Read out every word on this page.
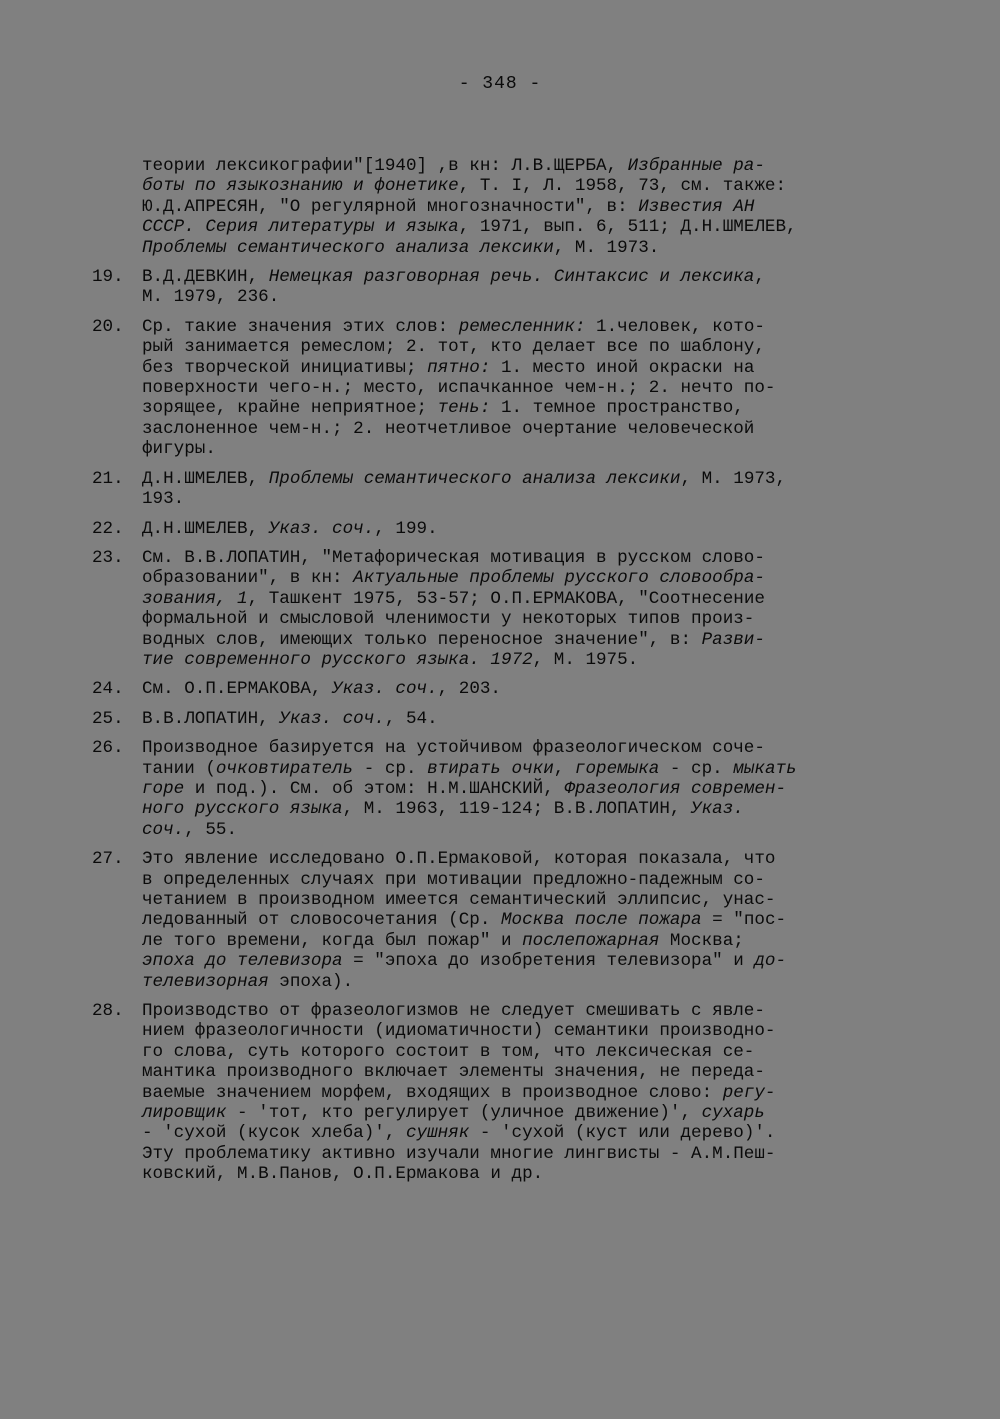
- 348 -
теории лексикографии"[1940] ,в кн: Л.В.ЩЕРБА, Избранные ра-
боты по языкознанию и фонетике, Т. I, Л. 1958, 73, см. также:
Ю.Д.АПРЕСЯН, "О регулярной многозначности", в: Известия АН
СССР. Серия литературы и языка, 1971, вып. 6, 511; Д.Н.ШМЕЛЕВ,
Проблемы семантического анализа лексики, М. 1973.
19.	В.Д.ДЕВКИН, Немецкая разговорная речь. Синтаксис и лексика,
М. 1979, 236.
20.	Ср. такие значения этих слов: ремесленник: 1.человек, кото-
рый занимается ремеслом; 2. тот, кто делает все по шаблону,
без творческой инициативы; пятно: 1. место иной окраски на
поверхности чего-н.; место, испачканное чем-н.; 2. нечто по-
зорящее, крайне неприятное; тень: 1. темное пространство,
заслоненное чем-н.; 2. неотчетливое очертание человеческой
фигуры.
21.	Д.Н.ШМЕЛЕВ, Проблемы семантического анализа лексики, М. 1973,
193.
22.	Д.Н.ШМЕЛЕВ, Указ. соч., 199.
23.	См. В.В.ЛОПАТИН, "Метафорическая мотивация в русском слово-
образовании", в кн: Актуальные проблемы русского словообра-
зования, 1, Ташкент 1975, 53-57; О.П.ЕРМАКОВА, "Соотнесение
формальной и смысловой членимости у некоторых типов произ-
водных слов, имеющих только переносное значение", в: Разви-
тие современного русского языка. 1972, М. 1975.
24.	См. О.П.ЕРМАКОВА, Указ. соч., 203.
25.	В.В.ЛОПАТИН, Указ. соч., 54.
26.	Производное базируется на устойчивом фразеологическом соче-
тании (очковтиратель - ср. втирать очки, горемыка - ср. мыкать
горе и под.). См. об этом: Н.М.ШАНСКИЙ, Фразеология современ-
ного русского языка, М. 1963, 119-124; В.В.ЛОПАТИН, Указ.
соч., 55.
27.	Это явление исследовано О.П.Ермаковой, которая показала, что
в определенных случаях при мотивации предложно-падежным со-
четанием в производном имеется семантический эллипсис, унас-
ледованный от словосочетания (Ср. Москва после пожара = "пос-
ле того времени, когда был пожар" и послепожарная Москва;
эпоха до телевизора = "эпоха до изобретения телевизора" и до-
телевизорная эпоха).
28.	Производство от фразеологизмов не следует смешивать с явле-
нием фразеологичности (идиоматичности) семантики производно-
го слова, суть которого состоит в том, что лексическая се-
мантика производного включает элементы значения, не переда-
ваемые значением морфем, входящих в производное слово: регу-
лировщик - 'тот, кто регулирует (уличное движение)', сухарь
- 'сухой (кусок хлеба)', сушняк - 'сухой (куст или дерево)'.
Эту проблематику активно изучали многие лингвисты - А.М.Пеш-
ковский, М.В.Панов, О.П.Ермакова и др.
